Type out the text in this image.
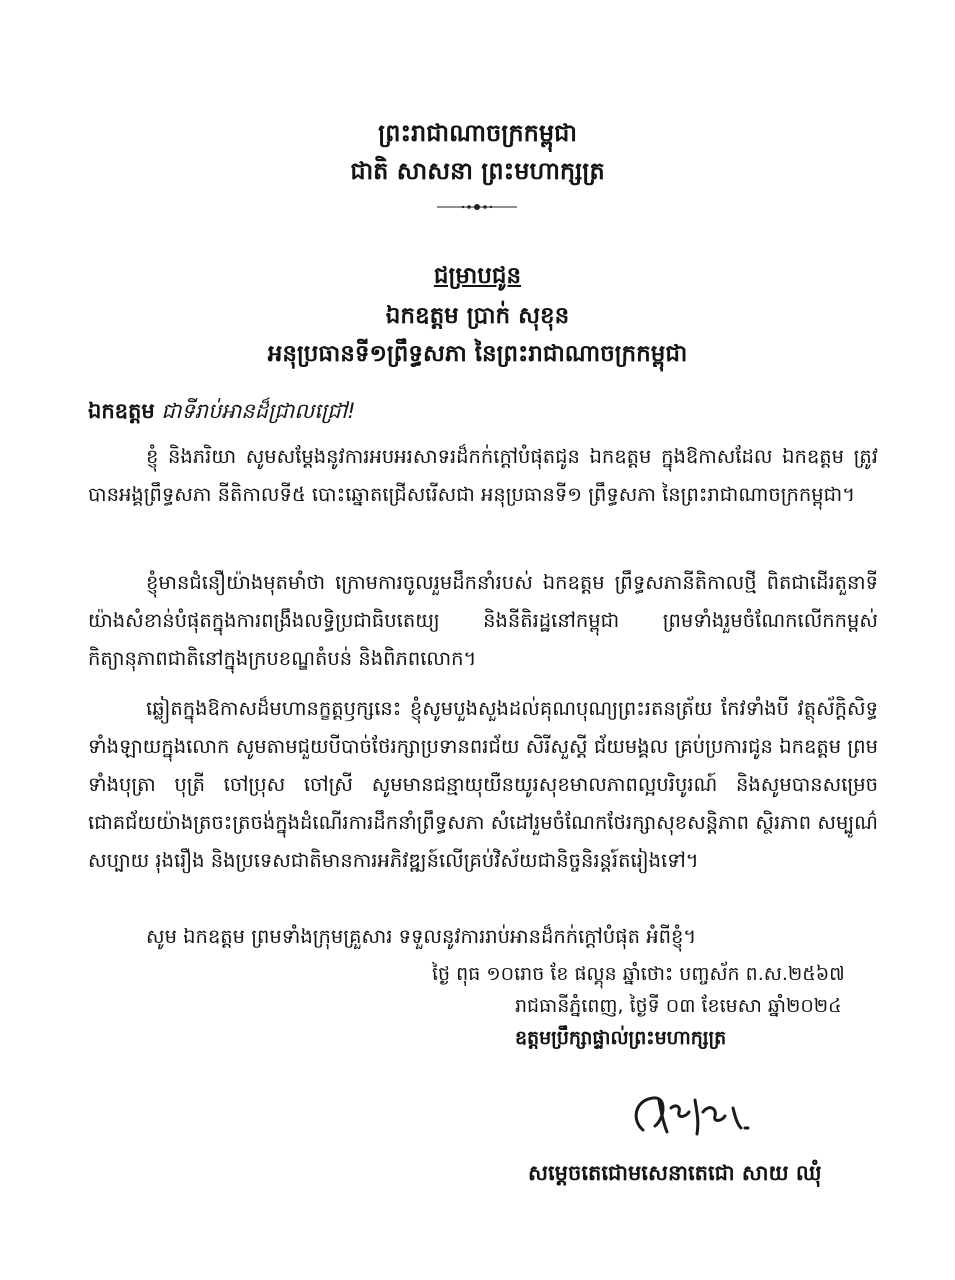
ព្រះរាជាណាចក្រកម្ពុជា
ជាតិ សាសនា ព្រះមហាក្សត្រ
ជម្រាបជូន
ឯកឧត្តម ប្រាក់ សុខុន
អនុប្រធានទី១ព្រឹទ្ធសភា នៃព្រះរាជាណាចក្រកម្ពុជា
ឯកឧត្តម ជាទីរាប់អានដ៏ជ្រាលជ្រៅ!

ខ្ញុំ និងភរិយា សូមសម្តែងនូវការអបអរសាទរដ៏កក់ក្តៅបំផុតជូន ឯកឧត្តម ក្នុងឱកាសដែល ឯកឧត្តម ត្រូវបានអង្គព្រឹទ្ធសភា នីតិកាលទី៥ បោះឆ្នោតជ្រើសរើសជា អនុប្រធានទី១ ព្រឹទ្ធសភា នៃព្រះរាជាណាចក្រកម្ពុជា។

ខ្ញុំមានជំនឿយ៉ាងមុតមាំថា ក្រោមការចូលរួមដឹកនាំរបស់ ឯកឧត្តម ព្រឹទ្ធសភានីតិកាលថ្មី ពិតជាដើរតួនាទីយ៉ាងសំខាន់បំផុតក្នុងការពង្រឹងលទ្ធិប្រជាធិបតេយ្យ និងនីតិរដ្ឋនៅកម្ពុជា ព្រមទាំងរួមចំណែកលើកកម្ពស់កិត្យានុភាពជាតិនៅក្នុងក្របខណ្ឌតំបន់ និងពិភពលោក។

ឆ្លៀតក្នុងឱកាសដ៏មហានក្ខត្តឫក្សនេះ ខ្ញុំសូមបួងសួងដល់គុណបុណ្យព្រះរតនត្រ័យ កែវទាំងបី វត្ថុស័ក្តិសិទ្ធទាំងឡាយក្នុងលោក សូមតាមជួយបីបាច់ថែរក្សាប្រទានពរជ័យ សិរីសួស្តី ជ័យមង្គល គ្រប់ប្រការជូន ឯកឧត្តម ព្រមទាំងបុត្រា បុត្រី ចៅប្រុស ចៅស្រី សូមមានជន្មាយុយឺនយូរសុខមាលភាពល្អបរិបូរណ៍ និងសូមបានសម្រេចជោគជ័យយ៉ាងត្រចះត្រចង់ក្នុងដំណើរការដឹកនាំព្រឹទ្ធសភា សំដៅរួមចំណែកថែរក្សាសុខសន្តិភាព ស្ថិរភាព សម្បូណ៌សប្បាយ រុងរឿង និងប្រទេសជាតិមានការអភិវឌ្ឍន៍លើគ្រប់វិស័យជានិច្ចនិរន្តរ៍តរៀងទៅ។

សូម ឯកឧត្តម ព្រមទាំងក្រុមគ្រួសារ ទទួលនូវការរាប់អានដ៏កក់ក្តៅបំផុត អំពីខ្ញុំ។

ថ្ងៃ ពុធ ១០រោច ខែ ផល្គុន ឆ្នាំថោះ បញ្ចស័ក ព.ស.២៥៦៧
រាជធានីភ្នំពេញ, ថ្ងៃទី ០៣ ខែមេសា ឆ្នាំ២០២៤
ឧត្តមប្រឹក្សាផ្ទាល់ព្រះមហាក្សត្រ
សម្តេចតេជោមសេនាតេជោ សាយ ឈុំ
